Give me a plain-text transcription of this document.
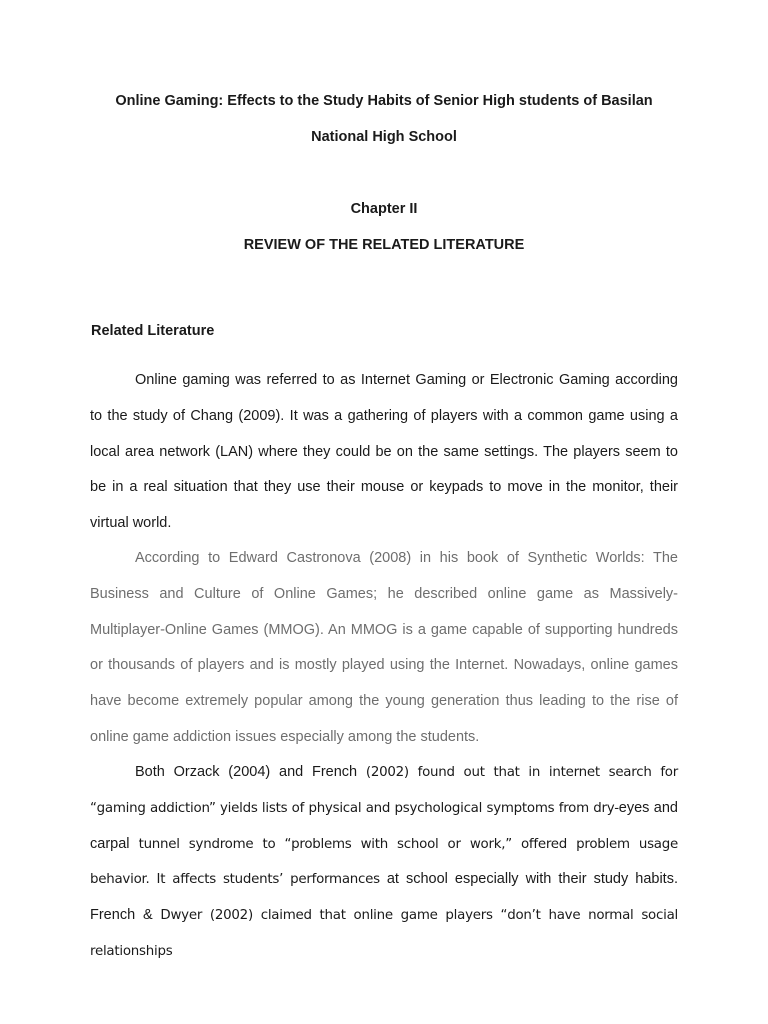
Online Gaming: Effects to the Study Habits of Senior High students of Basilan
National High School
Chapter II
REVIEW OF THE RELATED LITERATURE
Related Literature
Online gaming was referred to as Internet Gaming or Electronic Gaming according to the study of Chang (2009). It was a gathering of players with a common game using a local area network (LAN) where they could be on the same settings. The players seem to be in a real situation that they use their mouse or keypads to move in the monitor, their virtual world.
According to Edward Castronova (2008) in his book of Synthetic Worlds: The Business and Culture of Online Games; he described online game as Massively-Multiplayer-Online Games (MMOG). An MMOG is a game capable of supporting hundreds or thousands of players and is mostly played using the Internet. Nowadays, online games have become extremely popular among the young generation thus leading to the rise of online game addiction issues especially among the students.
Both Orzack (2004) and French (2002) found out that in internet search for “gaming addiction” yields lists of physical and psychological symptoms from dry-eyes and carpal tunnel syndrome to “problems with school or work,” offered problem usage behavior. It affects students’ performances at school especially with their study habits. French & Dwyer (2002) claimed that online game players “don’t have normal social relationships
